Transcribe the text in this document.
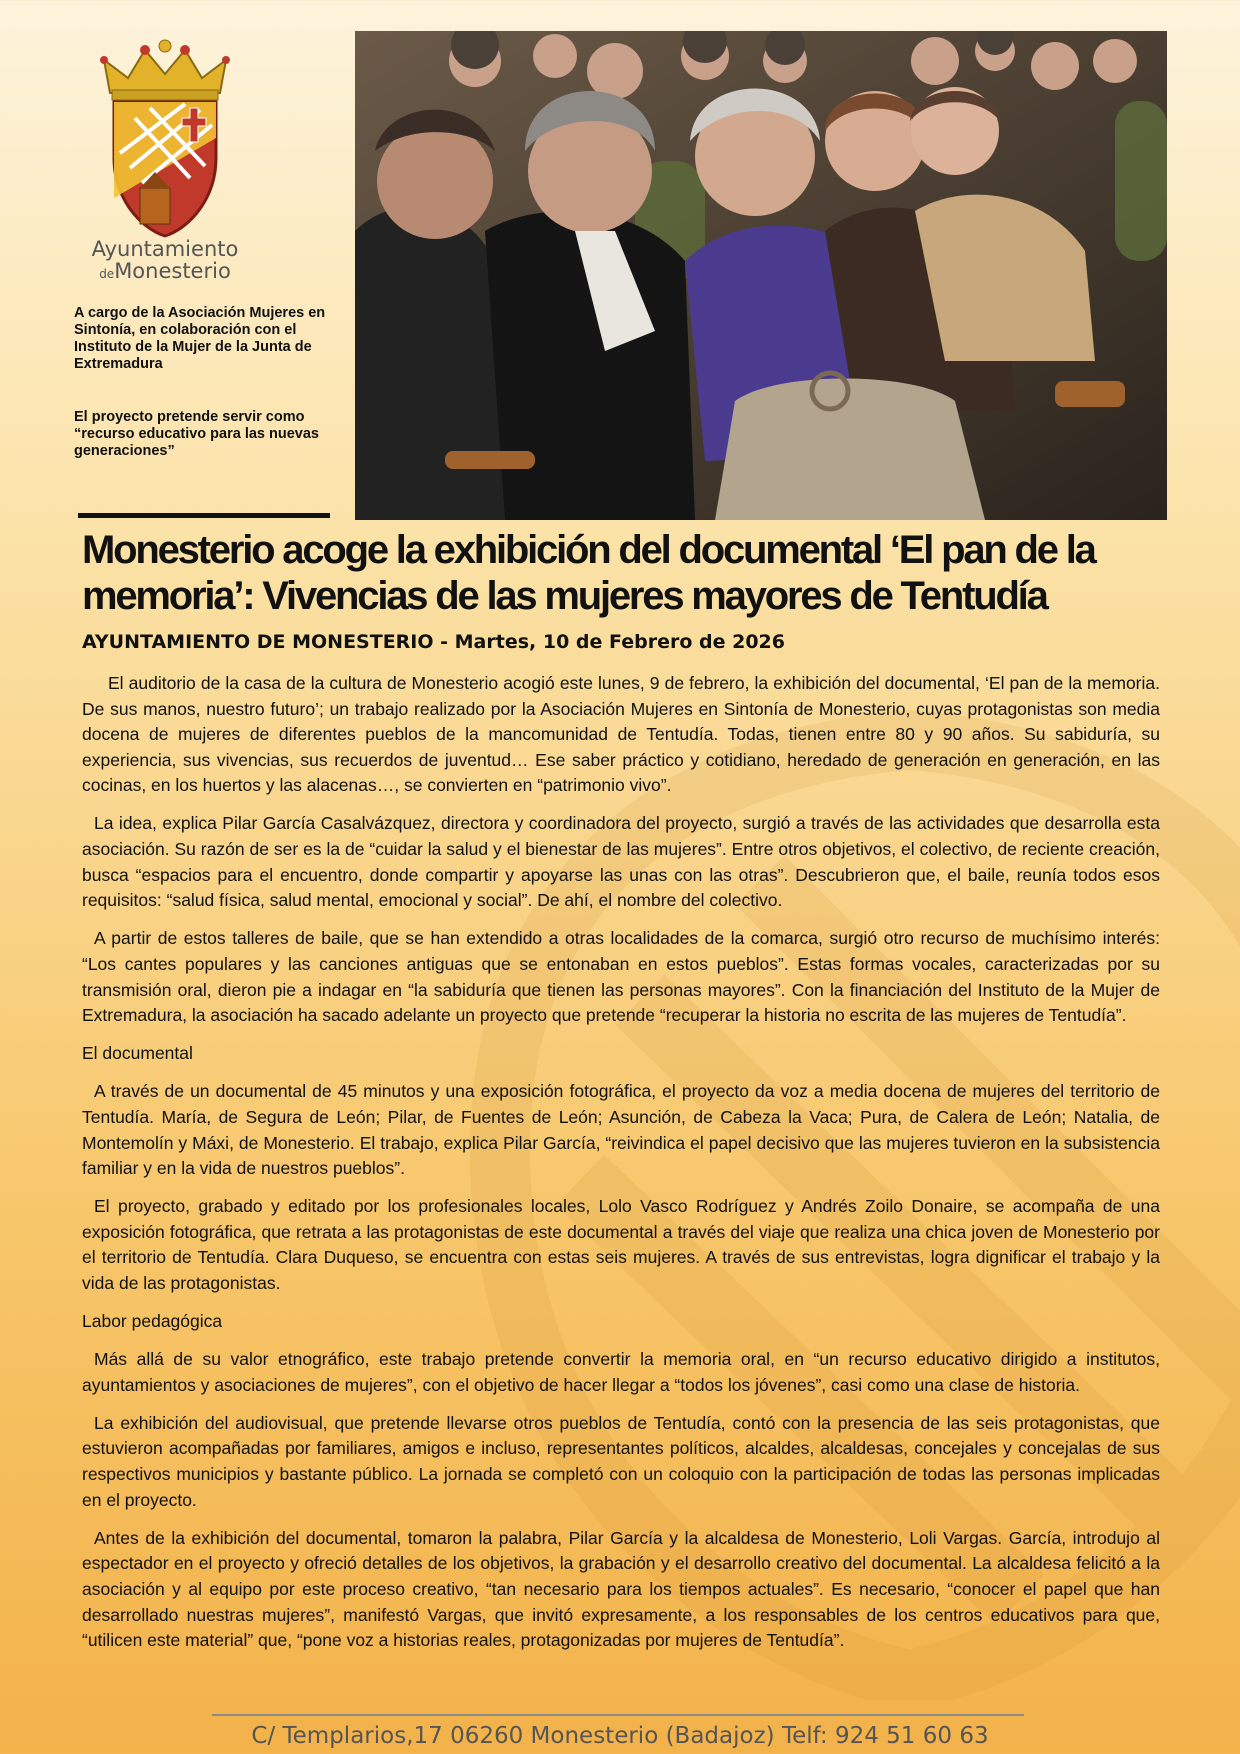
Ayuntamiento
deMonesterio

A cargo de la Asociación Mujeres en Sintonía, en colaboración con el Instituto de la Mujer de la Junta de Extremadura

El proyecto pretende servir como “recurso educativo para las nuevas generaciones”

Monesterio acoge la exhibición del documental ‘El pan de la memoria’: Vivencias de las mujeres mayores de Tentudía
AYUNTAMIENTO DE MONESTERIO - Martes, 10 de Febrero de 2026

El auditorio de la casa de la cultura de Monesterio acogió este lunes, 9 de febrero, la exhibición del documental, ‘El pan de la memoria. De sus manos, nuestro futuro’; un trabajo realizado por la Asociación Mujeres en Sintonía de Monesterio, cuyas protagonistas son media docena de mujeres de diferentes pueblos de la mancomunidad de Tentudía. Todas, tienen entre 80 y 90 años. Su sabiduría, su experiencia, sus vivencias, sus recuerdos de juventud… Ese saber práctico y cotidiano, heredado de generación en generación, en las cocinas, en los huertos y las alacenas…, se convierten en “patrimonio vivo”.

La idea, explica Pilar García Casalvázquez, directora y coordinadora del proyecto, surgió a través de las actividades que desarrolla esta asociación. Su razón de ser es la de “cuidar la salud y el bienestar de las mujeres”. Entre otros objetivos, el colectivo, de reciente creación, busca “espacios para el encuentro, donde compartir y apoyarse las unas con las otras”. Descubrieron que, el baile, reunía todos esos requisitos: “salud física, salud mental, emocional y social”. De ahí, el nombre del colectivo.

A partir de estos talleres de baile, que se han extendido a otras localidades de la comarca, surgió otro recurso de muchísimo interés: “Los cantes populares y las canciones antiguas que se entonaban en estos pueblos”. Estas formas vocales, caracterizadas por su transmisión oral, dieron pie a indagar en “la sabiduría que tienen las personas mayores”. Con la financiación del Instituto de la Mujer de Extremadura, la asociación ha sacado adelante un proyecto que pretende “recuperar la historia no escrita de las mujeres de Tentudía”.

El documental

A través de un documental de 45 minutos y una exposición fotográfica, el proyecto da voz a media docena de mujeres del territorio de Tentudía. María, de Segura de León; Pilar, de Fuentes de León; Asunción, de Cabeza la Vaca; Pura, de Calera de León; Natalia, de Montemolín y Máxi, de Monesterio. El trabajo, explica Pilar García, “reivindica el papel decisivo que las mujeres tuvieron en la subsistencia familiar y en la vida de nuestros pueblos”.

El proyecto, grabado y editado por los profesionales locales, Lolo Vasco Rodríguez y Andrés Zoilo Donaire, se acompaña de una exposición fotográfica, que retrata a las protagonistas de este documental a través del viaje que realiza una chica joven de Monesterio por el territorio de Tentudía. Clara Duqueso, se encuentra con estas seis mujeres. A través de sus entrevistas, logra dignificar el trabajo y la vida de las protagonistas.

Labor pedagógica

Más allá de su valor etnográfico, este trabajo pretende convertir la memoria oral, en “un recurso educativo dirigido a institutos, ayuntamientos y asociaciones de mujeres”, con el objetivo de hacer llegar a “todos los jóvenes”, casi como una clase de historia.

La exhibición del audiovisual, que pretende llevarse otros pueblos de Tentudía, contó con la presencia de las seis protagonistas, que estuvieron acompañadas por familiares, amigos e incluso, representantes políticos, alcaldes, alcaldesas, concejales y concejalas de sus respectivos municipios y bastante público. La jornada se completó con un coloquio con la participación de todas las personas implicadas en el proyecto.

Antes de la exhibición del documental, tomaron la palabra, Pilar García y la alcaldesa de Monesterio, Loli Vargas. García, introdujo al espectador en el proyecto y ofreció detalles de los objetivos, la grabación y el desarrollo creativo del documental. La alcaldesa felicitó a la asociación y al equipo por este proceso creativo, “tan necesario para los tiempos actuales”. Es necesario, “conocer el papel que han desarrollado nuestras mujeres”, manifestó Vargas, que invitó expresamente, a los responsables de los centros educativos para que, “utilicen este material” que, “pone voz a historias reales, protagonizadas por mujeres de Tentudía”.

C/ Templarios,17 06260 Monesterio (Badajoz) Telf: 924 51 60 63
